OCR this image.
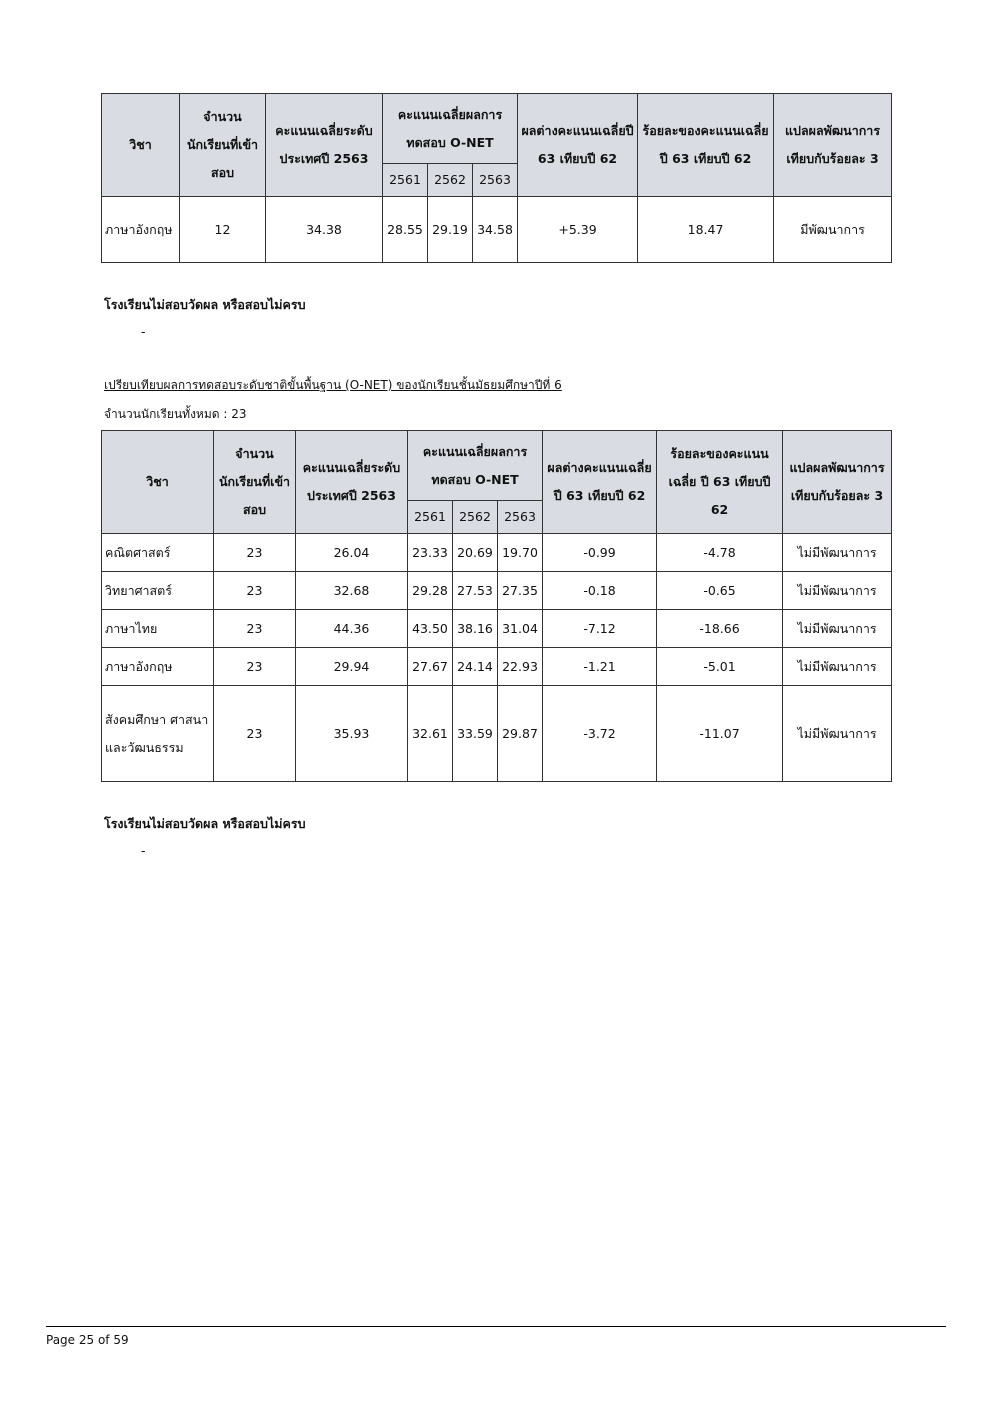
วิชา	จำนวนนักเรียนที่เข้าสอบ	คะแนนเฉลี่ยระดับประเทศปี 2563	คะแนนเฉลี่ยผลการทดสอบ O-NET			ผลต่างคะแนนเฉลี่ยปี 63 เทียบปี 62	ร้อยละของคะแนนเฉลี่ย ปี 63 เทียบปี 62	แปลผลพัฒนาการเทียบกับร้อยละ 3
			2561	2562	2563			
ภาษาอังกฤษ	12	34.38	28.55	29.19	34.58	+5.39	18.47	มีพัฒนาการ
โรงเรียนไม่สอบวัดผล หรือสอบไม่ครบ
-
เปรียบเทียบผลการทดสอบระดับชาติขั้นพื้นฐาน (O-NET) ของนักเรียนชั้นมัธยมศึกษาปีที่ 6
จำนวนนักเรียนทั้งหมด : 23
วิชา	จำนวนนักเรียนที่เข้าสอบ	คะแนนเฉลี่ยระดับประเทศปี 2563	คะแนนเฉลี่ยผลการทดสอบ O-NET			ผลต่างคะแนนเฉลี่ย ปี 63 เทียบปี 62	ร้อยละของคะแนนเฉลี่ย ปี 63 เทียบปี 62	แปลผลพัฒนาการเทียบกับร้อยละ 3
			2561	2562	2563			
คณิตศาสตร์	23	26.04	23.33	20.69	19.70	-0.99	-4.78	ไม่มีพัฒนาการ
วิทยาศาสตร์	23	32.68	29.28	27.53	27.35	-0.18	-0.65	ไม่มีพัฒนาการ
ภาษาไทย	23	44.36	43.50	38.16	31.04	-7.12	-18.66	ไม่มีพัฒนาการ
ภาษาอังกฤษ	23	29.94	27.67	24.14	22.93	-1.21	-5.01	ไม่มีพัฒนาการ
สังคมศึกษา ศาสนา และวัฒนธรรม	23	35.93	32.61	33.59	29.87	-3.72	-11.07	ไม่มีพัฒนาการ
โรงเรียนไม่สอบวัดผล หรือสอบไม่ครบ
-
Page 25 of 59
